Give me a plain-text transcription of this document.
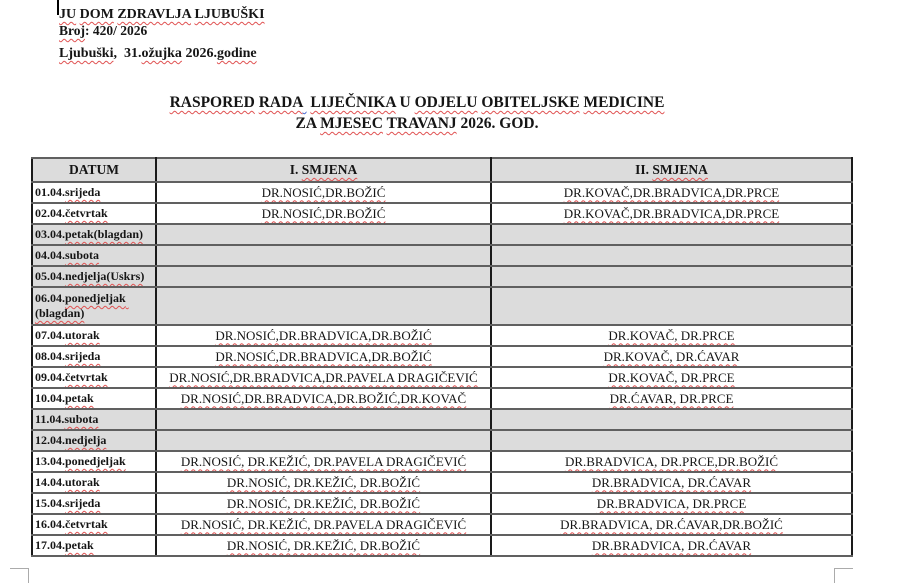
JU DOM ZDRAVLJA LJUBUŠKI
Broj: 420/ 2026
Ljubuški,  31.ožujka 2026.godine
RASPORED RADA LIJEČNIKA U ODJELU OBITELJSKE MEDICINE
ZA MJESEC TRAVANJ 2026. GOD.
DATUM	I. SMJENA	II. SMJENA
01.04.srijeda	DR.NOSIĆ,DR.BOŽIĆ	DR.KOVAČ,DR.BRADVICA,DR.PRCE
02.04.četvrtak	DR.NOSIĆ,DR.BOŽIĆ	DR.KOVAČ,DR.BRADVICA,DR.PRCE
03.04.petak(blagdan)		
04.04.subota		
05.04.nedjelja(Uskrs)		
06.04.ponedjeljak (blagdan)		
07.04.utorak	DR.NOSIĆ,DR.BRADVICA,DR.BOŽIĆ	DR.KOVAČ, DR.PRCE
08.04.srijeda	DR.NOSIĆ,DR.BRADVICA,DR.BOŽIĆ	DR.KOVAČ, DR.ĆAVAR
09.04.četvrtak	DR.NOSIĆ,DR.BRADVICA,DR.PAVELA DRAGIČEVIĆ	DR.KOVAČ, DR.PRCE
10.04.petak	DR.NOSIĆ,DR.BRADVICA,DR.BOŽIĆ,DR.KOVAČ	DR.ĆAVAR, DR.PRCE
11.04.subota		
12.04.nedjelja		
13.04.ponedjeljak	DR.NOSIĆ, DR.KEŽIĆ, DR.PAVELA DRAGIČEVIĆ	DR.BRADVICA, DR.PRCE,DR.BOŽIĆ
14.04.utorak	DR.NOSIĆ, DR.KEŽIĆ, DR.BOŽIĆ	DR.BRADVICA, DR.ĆAVAR
15.04.srijeda	DR.NOSIĆ, DR.KEŽIĆ, DR.BOŽIĆ	DR.BRADVICA, DR.PRCE
16.04.četvrtak	DR.NOSIĆ, DR.KEŽIĆ, DR.PAVELA DRAGIČEVIĆ	DR.BRADVICA, DR.ĆAVAR,DR.BOŽIĆ
17.04.petak	DR.NOSIĆ, DR.KEŽIĆ, DR.BOŽIĆ	DR.BRADVICA, DR.ĆAVAR
